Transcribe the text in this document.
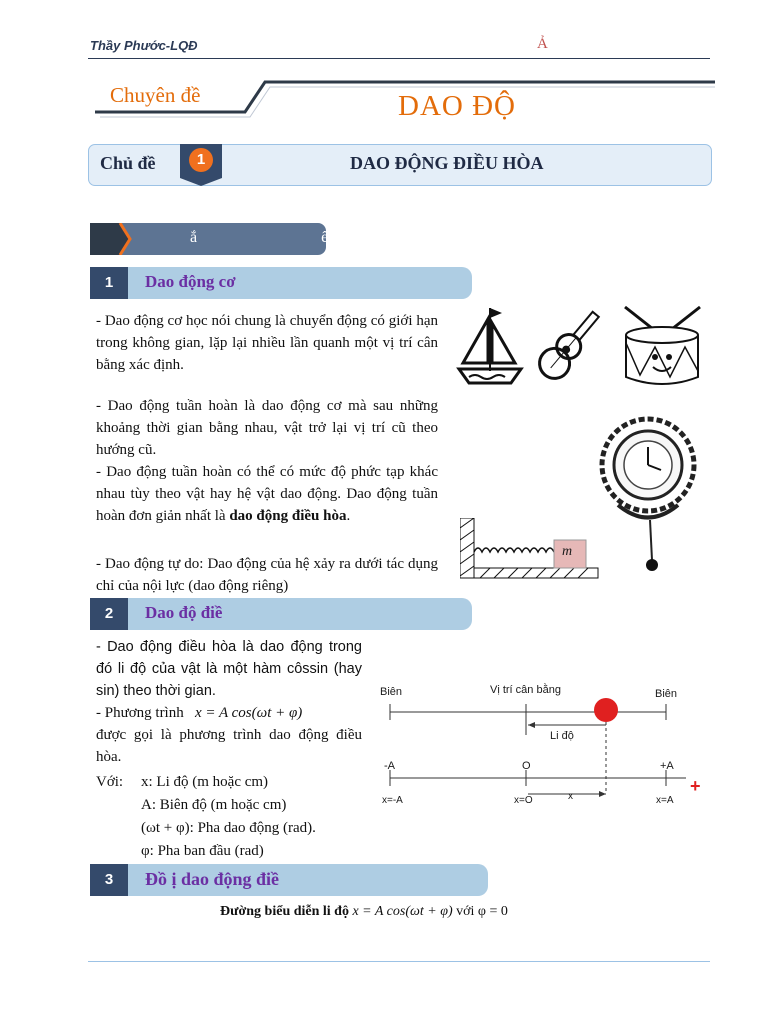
Thầy Phước-LQĐ	Ả
Chuyên đề	DAO ĐỘ
Chủ đề	1	DAO ĐỘNG ĐIỀU HÒA
ắ ế
1	Dao động cơ
- Dao động cơ học nói chung là chuyển động có giới hạn trong không gian, lặp lại nhiều lần quanh một vị trí cân bằng xác định.
- Dao động tuần hoàn là dao động cơ mà sau những khoảng thời gian bằng nhau, vật trở lại vị trí cũ theo hướng cũ.
- Dao động tuần hoàn có thể có mức độ phức tạp khác nhau tùy theo vật hay hệ vật dao động. Dao động tuần hoàn đơn giản nhất là dao động điều hòa.
- Dao động tự do: Dao động của hệ xảy ra dưới tác dụng chỉ của nội lực (dao động riêng)
m
2	Dao độ điề
- Dao động điều hòa là dao động trong đó li độ của vật là một hàm côssin (hay sin) theo thời gian.
- Phương trình x = A cos(ωt + φ)
được gọi là phương trình dao động điều hòa.
Với: x: Li độ (m hoặc cm)
A: Biên độ (m hoặc cm)
(ωt + φ): Pha dao động (rad).
φ: Pha ban đầu (rad)
Biên	Vị trí cân bằng	Biên
Li độ
-A	O	+A
x=-A	x=O	x	x=A
+
3	Đồ ị dao động điề
Đường biểu diễn li độ x = A cos(ωt + φ) với φ = 0
